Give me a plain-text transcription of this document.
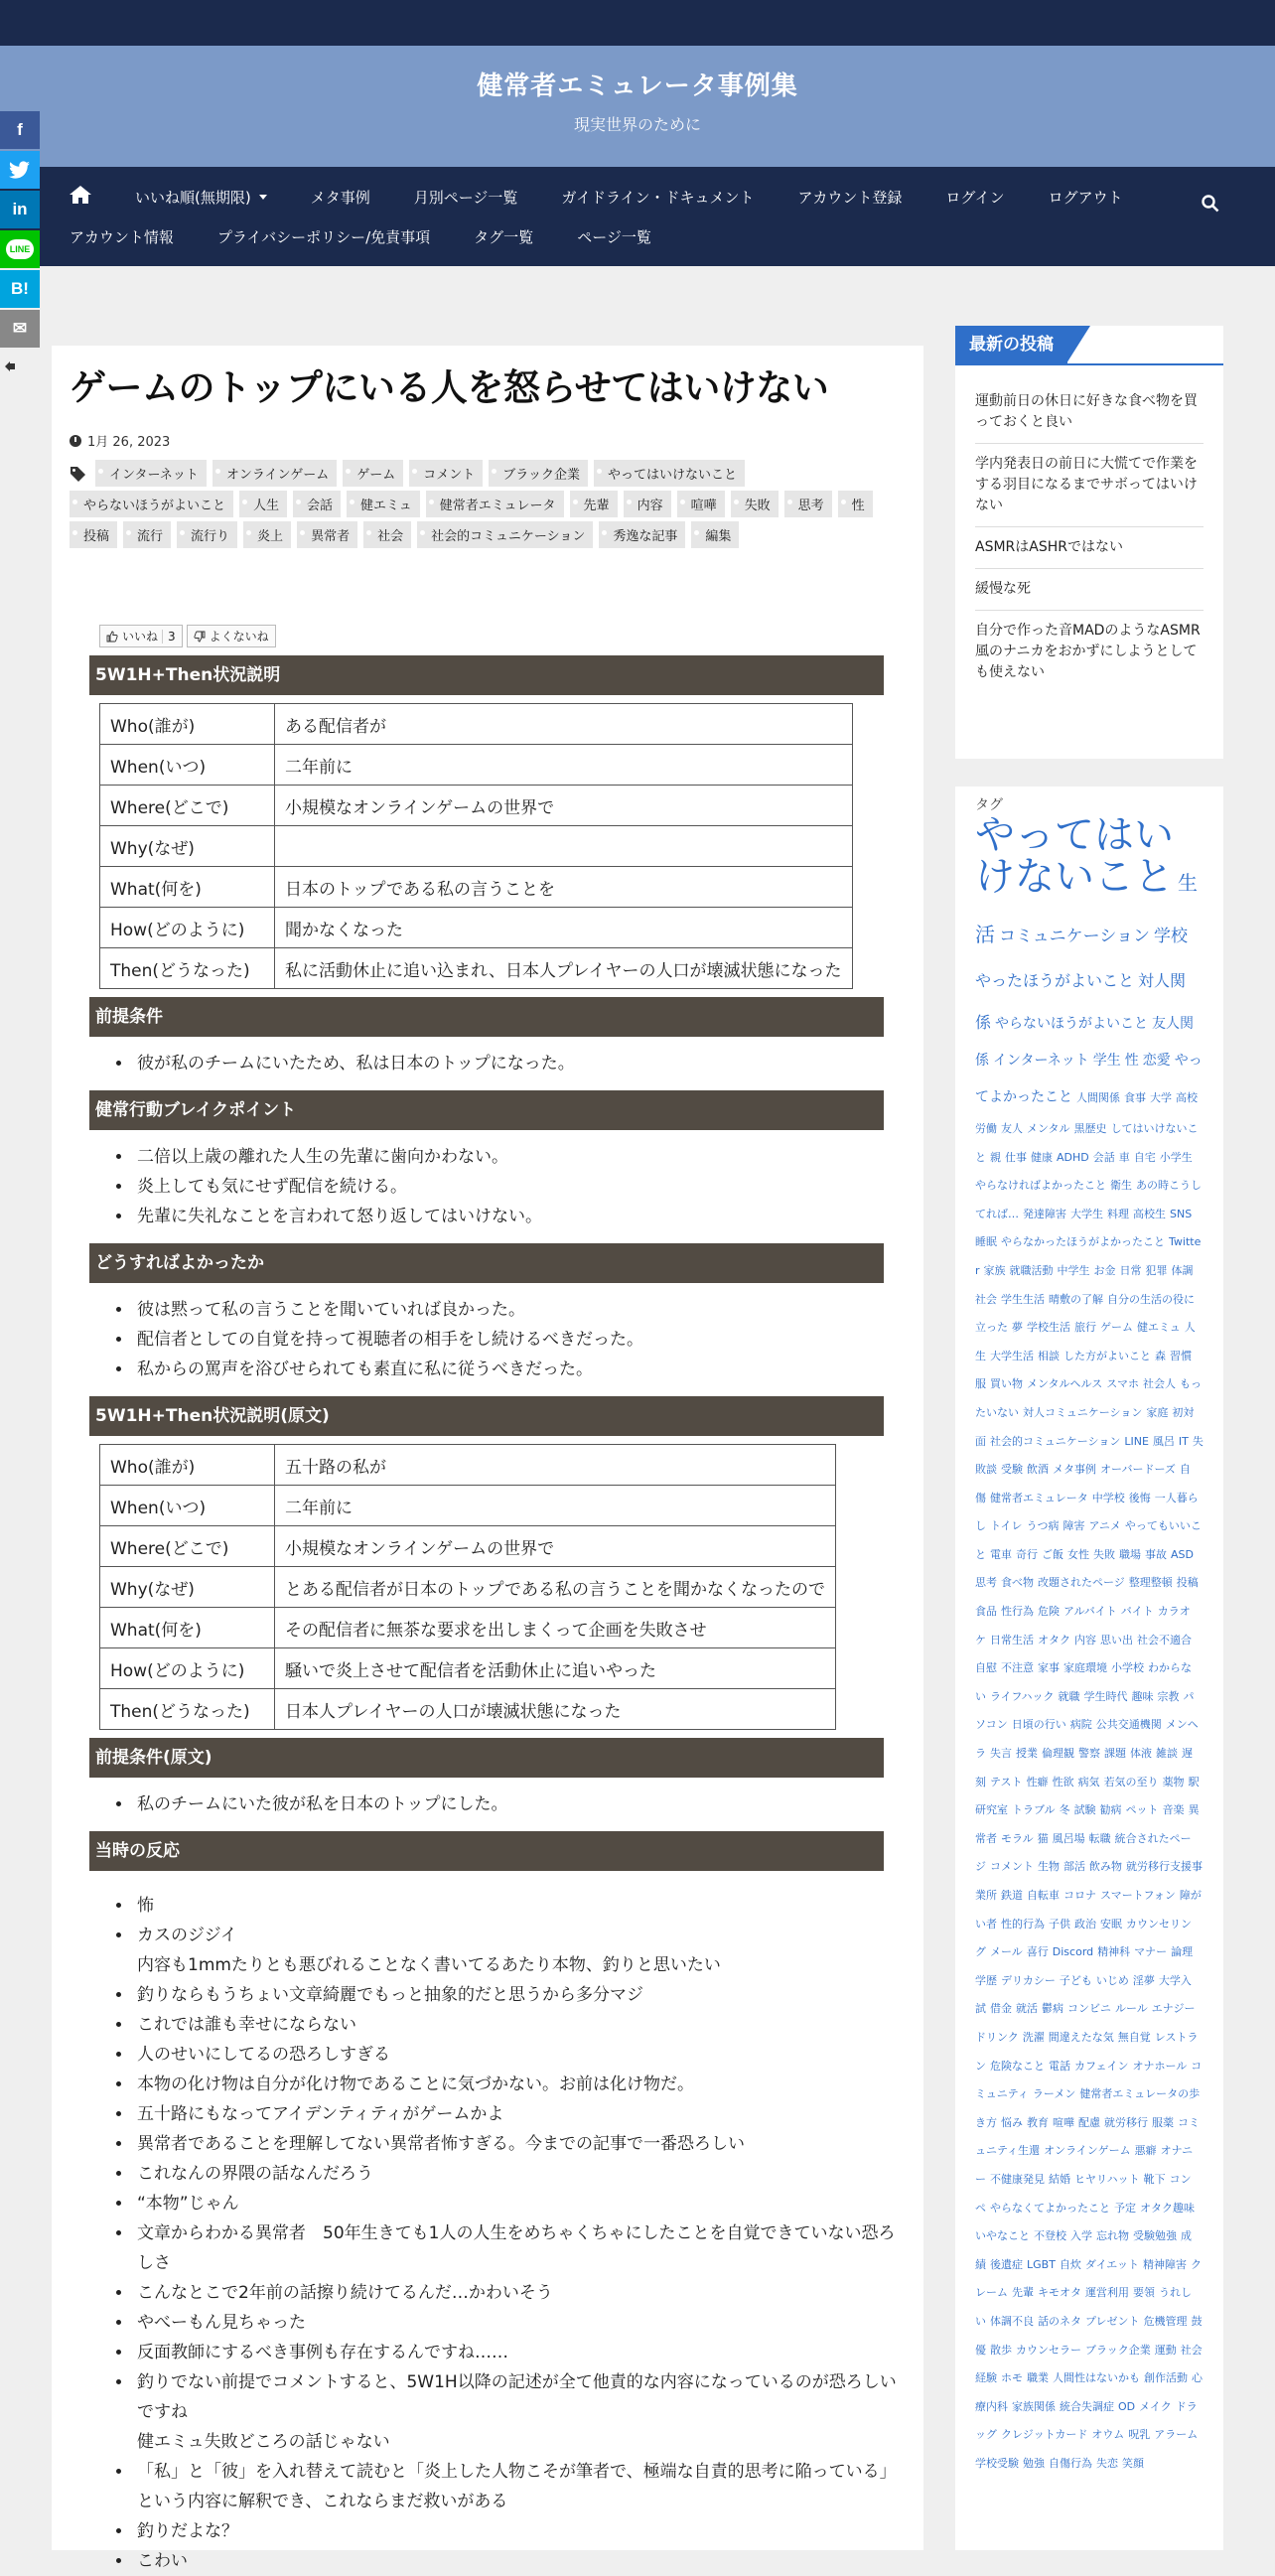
健常者エミュレータ事例集
現実世界のために
いいね順(無期限)	メタ事例	月別ページ一覧	ガイドライン・ドキュメント	アカウント登録	ログイン	ログアウト
アカウント情報	プライバシーポリシー/免責事項	タグ一覧	ページ一覧
f
in
LINE
B!
✉
ゲームのトップにいる人を怒らせてはいけない
1月 26, 2023
インターネット	オンラインゲーム	ゲーム	コメント	ブラック企業	やってはいけないこと
やらないほうがよいこと	人生	会話	健エミュ	健常者エミュレータ	先輩	内容	喧嘩	失敗	思考	性
投稿	流行	流行り	炎上	異常者	社会	社会的コミュニケーション	秀逸な記事	編集
いいね 3	よくないね
5W1H+Then状況説明
Who(誰が)	ある配信者が
When(いつ)	二年前に
Where(どこで)	小規模なオンラインゲームの世界で
Why(なぜ)	
What(何を)	日本のトップである私の言うことを
How(どのように)	聞かなくなった
Then(どうなった)	私に活動休止に追い込まれ、日本人プレイヤーの人口が壊滅状態になった
前提条件
• 彼が私のチームにいたため、私は日本のトップになった。
健常行動ブレイクポイント
• 二倍以上歳の離れた人生の先輩に歯向かわない。
• 炎上しても気にせず配信を続ける。
• 先輩に失礼なことを言われて怒り返してはいけない。
どうすればよかったか
• 彼は黙って私の言うことを聞いていれば良かった。
• 配信者としての自覚を持って視聴者の相手をし続けるべきだった。
• 私からの罵声を浴びせられても素直に私に従うべきだった。
5W1H+Then状況説明(原文)
Who(誰が)	五十路の私が
When(いつ)	二年前に
Where(どこで)	小規模なオンラインゲームの世界で
Why(なぜ)	とある配信者が日本のトップである私の言うことを聞かなくなったので
What(何を)	その配信者に無茶な要求を出しまくって企画を失敗させ
How(どのように)	騒いで炎上させて配信者を活動休止に追いやった
Then(どうなった)	日本人プレイヤーの人口が壊滅状態になった
前提条件(原文)
• 私のチームにいた彼が私を日本のトップにした。
当時の反応
• 怖
• カスのジジイ
内容も1mmたりとも悪びれることなく書いてるあたり本物、釣りと思いたい
• 釣りならもうちょい文章綺麗でもっと抽象的だと思うから多分マジ
• これでは誰も幸せにならない
• 人のせいにしてるの恐ろしすぎる
• 本物の化け物は自分が化け物であることに気づかない。お前は化け物だ。
• 五十路にもなってアイデンティティがゲームかよ
• 異常者であることを理解してない異常者怖すぎる。今までの記事で一番恐ろしい
• これなんの界隈の話なんだろう
• “本物”じゃん
• 文章からわかる異常者　50年生きても1人の人生をめちゃくちゃにしたことを自覚できていない恐ろしさ
• こんなとこで2年前の話擦り続けてるんだ…かわいそう
• やべーもん見ちゃった
• 反面教師にするべき事例も存在するんですね……
• 釣りでない前提でコメントすると、5W1H以降の記述が全て他責的な内容になっているのが恐ろしいですね
健エミュ失敗どころの話じゃない
• 「私」と「彼」を入れ替えて読むと「炎上した人物こそが筆者で、極端な自責的思考に陥っている」という内容に解釈でき、これならまだ救いがある
• 釣りだよな？
• こわい
最新の投稿
運動前日の休日に好きな食べ物を買っておくと良い
学内発表日の前日に大慌てで作業をする羽目になるまでサボってはいけない
ASMRはASHRではない
緩慢な死
自分で作った音MADのようなASMR風のナニカをおかずにしようとしても使えない
タグ
やってはいけないこと 生活 コミュニケーション 学校やったほうがよいこと 対人関係 やらないほうがよいこと 友人関係 インターネット 学生 性 恋愛 やってよかったこと 人間関係 食事 大学 高校労働 友人 メンタル 黒歴史 してはいけないこと 親 仕事 健康 ADHD 会話 車 自宅 小学生やらなければよかったこと 衛生 あの時こうしてれば… 発達障害 大学生 料理 高校生 SNS睡眠 やらなかったほうがよかったこと Twitter 家族 就職活動 中学生 お金 日常 犯罪 体調社会 学生生活 晴敷の了解 自分の生活の役に立った 夢 学校生活 旅行 ゲーム 健エミュ 人生 大学生活 相談 した方がよいこと 森 習慣服 買い物 メンタルヘルス スマホ 社会人 もったいない 対人コミュニケーション 家庭 初対面 社会的コミュニケーション LINE 風呂 IT 失敗談 受験 飲酒 メタ事例 オーバードーズ 自傷 健常者エミュレータ 中学校 後悔 一人暮らし トイレ うつ病 障害 アニメ やってもいいこと 電車 奇行 ご飯 女性 失敗 職場 事故 ASD思考 食べ物 改題されたページ 整理整頓 投稿食品 性行為 危険 アルバイト バイト カラオケ 日常生活 オタク 内容 思い出 社会不適合自慰 不注意 家事 家庭環境 小学校 わからない ライフハック 就職 学生時代 趣味 宗教 パソコン 日頃の行い 病院 公共交通機関 メンヘラ 失言 授業 倫理観 警察 課題 体液 雑談 遅刻 テスト 性癖 性欲 病気 若気の至り 薬物 駅研究室 トラブル 冬 試験 勧病 ペット 音楽 異常者 モラル 猫 風呂場 転職 統合されたページ コメント 生物 部活 飲み物 就労移行支援事業所 鉄道 自転車 コロナ スマートフォン 障がい者 性的行為 子供 政治 安眠 カウンセリング メール 喜行 Discord 精神科 マナー 論理学歴 デリカシー 子ども いじめ 淫夢 大学入試 借金 就活 鬱病 コンビニ ルール エナジードリンク 洗濯 間違えたな気 無自覚 レストラン 危険なこと 電話 カフェイン オナホール コミュニティ ラーメン 健常者エミュレータの歩き方 悩み 教育 喧嘩 配慮 就労移行 服薬 コミュニティ生還 オンラインゲーム 悪癖 オナニー 不健康発見 結婚 ヒヤリハット 靴下 コンペ やらなくてよかったこと 予定 オタク趣味いやなこと 不登校 入学 忘れ物 受験勉強 成績 後遺症 LGBT 自炊 ダイエット 精神障害 クレーム 先輩 キモオタ 運営利用 要領 うれしい 体調不良 話のネタ プレゼント 危機管理 鼓優 散歩 カウンセラー ブラック企業 運動 社会経験 ホモ 職業 人間性はないかも 創作活動 心療内科 家族関係 統合失調症 OD メイク ドラッグ クレジットカード オウム 呪乳 アラーム学校受験 勉強 自傷行為 失恋 笑顔
